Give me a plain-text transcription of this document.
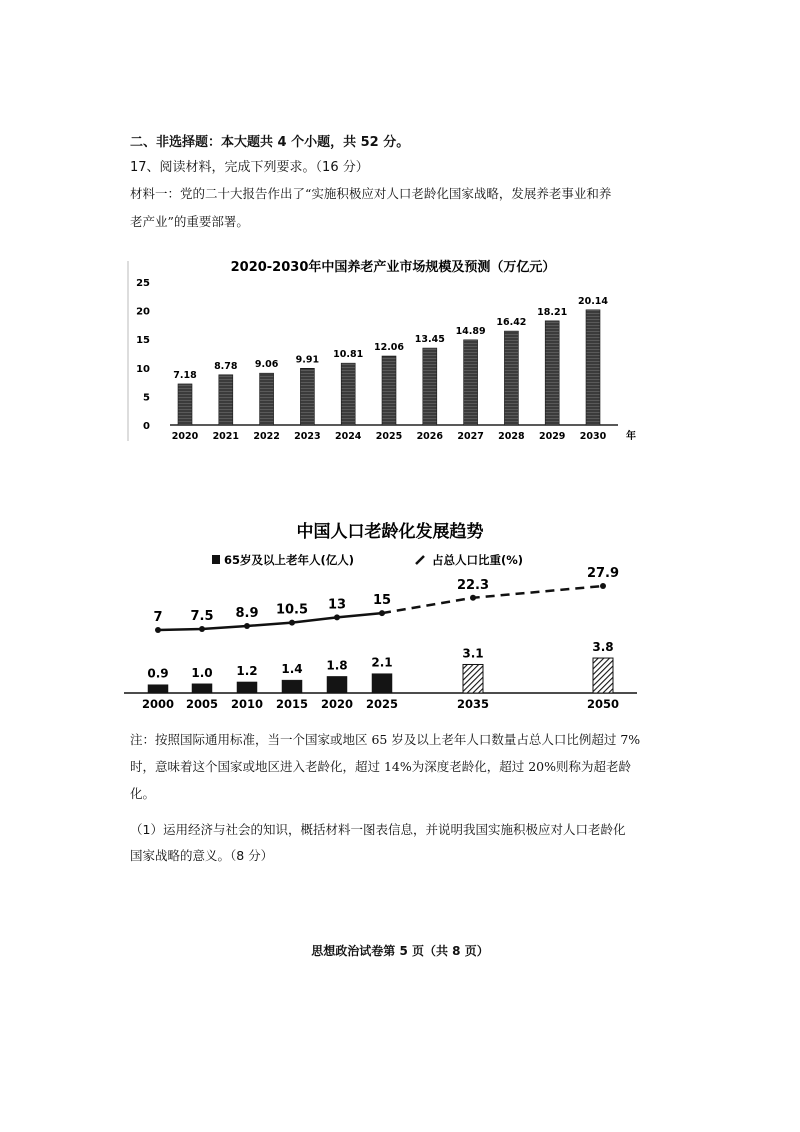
二、非选择题：本大题共 4 个小题，共 52 分。
17、阅读材料，完成下列要求。（16 分）
材料一：党的二十大报告作出了“实施积极应对人口老龄化国家战略，发展养老事业和养
老产业”的重要部署。
2020-2030年中国养老产业市场规模及预测（万亿元）
0
5
10
15
20
25
7.18
8.78 9.06 9.91 10.81
12.06
13.45
14.89
16.42
18.21
20.14
2020 2021 2022 2023 2024 2025 2026 2027 2028 2029 2030 年
中国人口老龄化发展趋势
65岁及以上老年人(亿人)	占总人口比重(%)
0.9 1.0 1.2 1.4 1.8 2.1
3.1	3.8
7 7.5 8.9 10.5 13 15
22.3
27.9
2000 2005 2010 2015 2020 2025	2035	2050
注：按照国际通用标准，当一个国家或地区 65 岁及以上老年人口数量占总人口比例超过 7%
时，意味着这个国家或地区进入老龄化，超过 14%为深度老龄化，超过 20%则称为超老龄
化。
（1）运用经济与社会的知识，概括材料一图表信息，并说明我国实施积极应对人口老龄化
国家战略的意义。（8 分）
思想政治试卷第 5 页（共 8 页）
